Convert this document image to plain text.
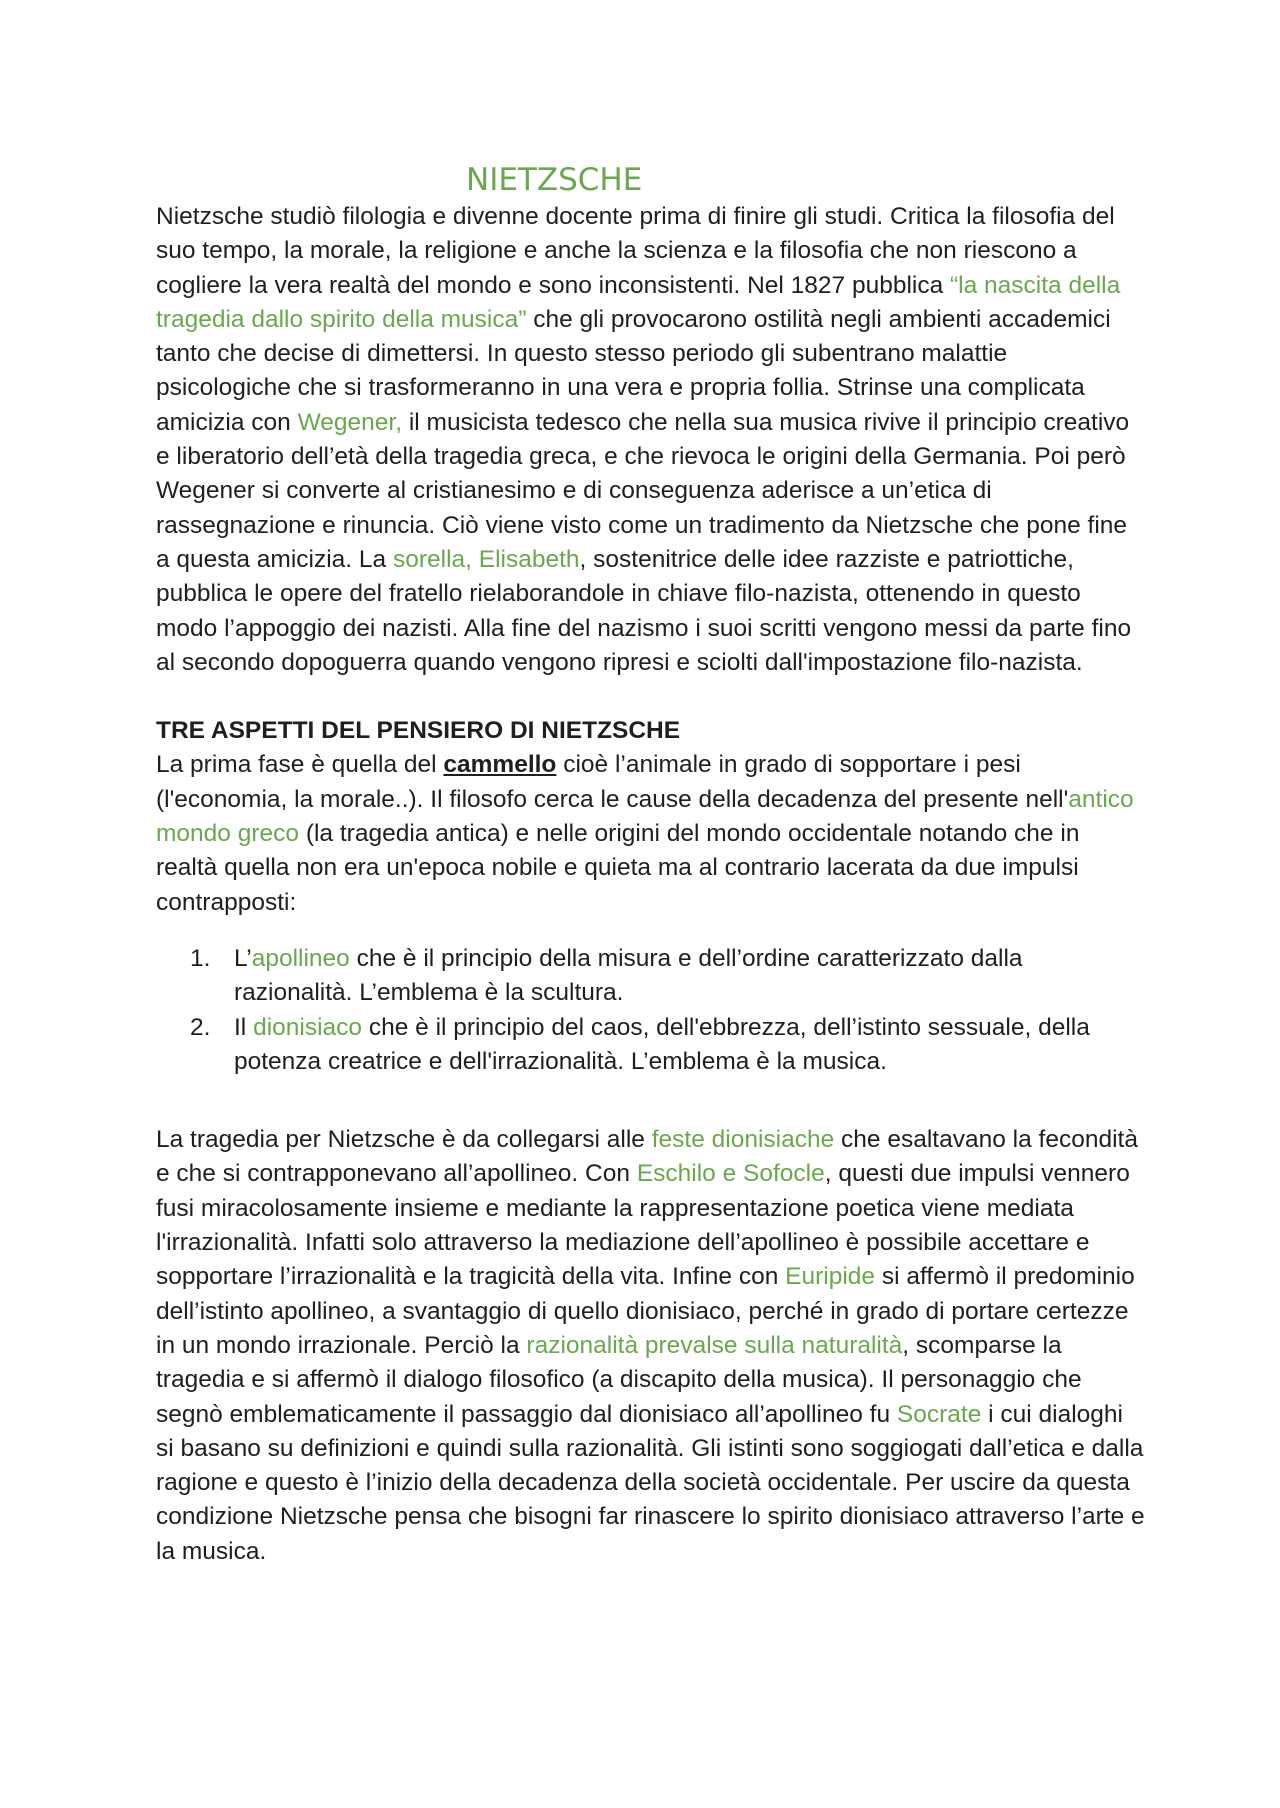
NIETZSCHE

Nietzsche studiò filologia e divenne docente prima di finire gli studi. Critica la filosofia del suo tempo, la morale, la religione e anche la scienza e la filosofia che non riescono a cogliere la vera realtà del mondo e sono inconsistenti. Nel 1827 pubblica “la nascita della tragedia dallo spirito della musica” che gli provocarono ostilità negli ambienti accademici tanto che decise di dimettersi. In questo stesso periodo gli subentrano malattie psicologiche che si trasformeranno in una vera e propria follia. Strinse una complicata amicizia con Wegener, il musicista tedesco che nella sua musica rivive il principio creativo e liberatorio dell’età della tragedia greca, e che rievoca le origini della Germania. Poi però Wegener si converte al cristianesimo e di conseguenza aderisce a un’etica di rassegnazione e rinuncia. Ciò viene visto come un tradimento da Nietzsche che pone fine a questa amicizia. La sorella, Elisabeth, sostenitrice delle idee razziste e patriottiche, pubblica le opere del fratello rielaborandole in chiave filo-nazista, ottenendo in questo modo l’appoggio dei nazisti. Alla fine del nazismo i suoi scritti vengono messi da parte fino al secondo dopoguerra quando vengono ripresi e sciolti dall'impostazione filo-nazista.

TRE ASPETTI DEL PENSIERO DI NIETZSCHE

La prima fase è quella del cammello cioè l’animale in grado di sopportare i pesi (l'economia, la morale..). Il filosofo cerca le cause della decadenza del presente nell'antico mondo greco (la tragedia antica) e nelle origini del mondo occidentale notando che in realtà quella non era un'epoca nobile e quieta ma al contrario lacerata da due impulsi contrapposti:

1. L’apollineo che è il principio della misura e dell’ordine caratterizzato dalla razionalità. L’emblema è la scultura.
2. Il dionisiaco che è il principio del caos, dell'ebbrezza, dell’istinto sessuale, della potenza creatrice e dell'irrazionalità. L’emblema è la musica.

La tragedia per Nietzsche è da collegarsi alle feste dionisiache che esaltavano la fecondità e che si contrapponevano all’apollineo. Con Eschilo e Sofocle, questi due impulsi vennero fusi miracolosamente insieme e mediante la rappresentazione poetica viene mediata l'irrazionalità. Infatti solo attraverso la mediazione dell’apollineo è possibile accettare e sopportare l’irrazionalità e la tragicità della vita. Infine con Euripide si affermò il predominio dell’istinto apollineo, a svantaggio di quello dionisiaco, perché in grado di portare certezze in un mondo irrazionale. Perciò la razionalità prevalse sulla naturalità, scomparse la tragedia e si affermò il dialogo filosofico (a discapito della musica). Il personaggio che segnò emblematicamente il passaggio dal dionisiaco all’apollineo fu Socrate i cui dialoghi si basano su definizioni e quindi sulla razionalità. Gli istinti sono soggiogati dall’etica e dalla ragione e questo è l’inizio della decadenza della società occidentale. Per uscire da questa condizione Nietzsche pensa che bisogni far rinascere lo spirito dionisiaco attraverso l’arte e la musica.
